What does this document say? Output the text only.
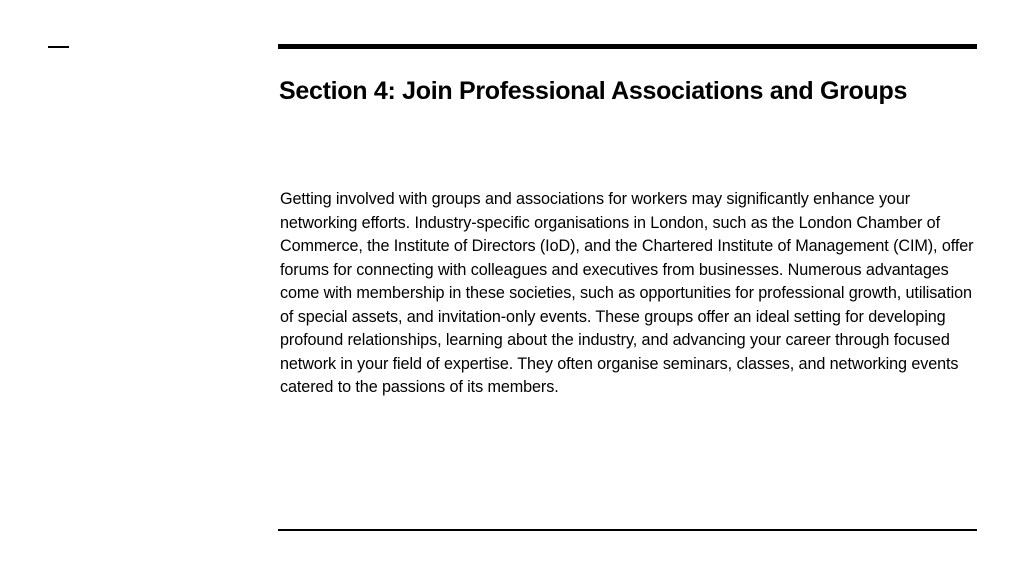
Section 4: Join Professional Associations and Groups

Getting involved with groups and associations for workers may significantly enhance your networking efforts. Industry-specific organisations in London, such as the London Chamber of Commerce, the Institute of Directors (IoD), and the Chartered Institute of Management (CIM), offer forums for connecting with colleagues and executives from businesses. Numerous advantages come with membership in these societies, such as opportunities for professional growth, utilisation of special assets, and invitation-only events. These groups offer an ideal setting for developing profound relationships, learning about the industry, and advancing your career through focused network in your field of expertise. They often organise seminars, classes, and networking events catered to the passions of its members.
